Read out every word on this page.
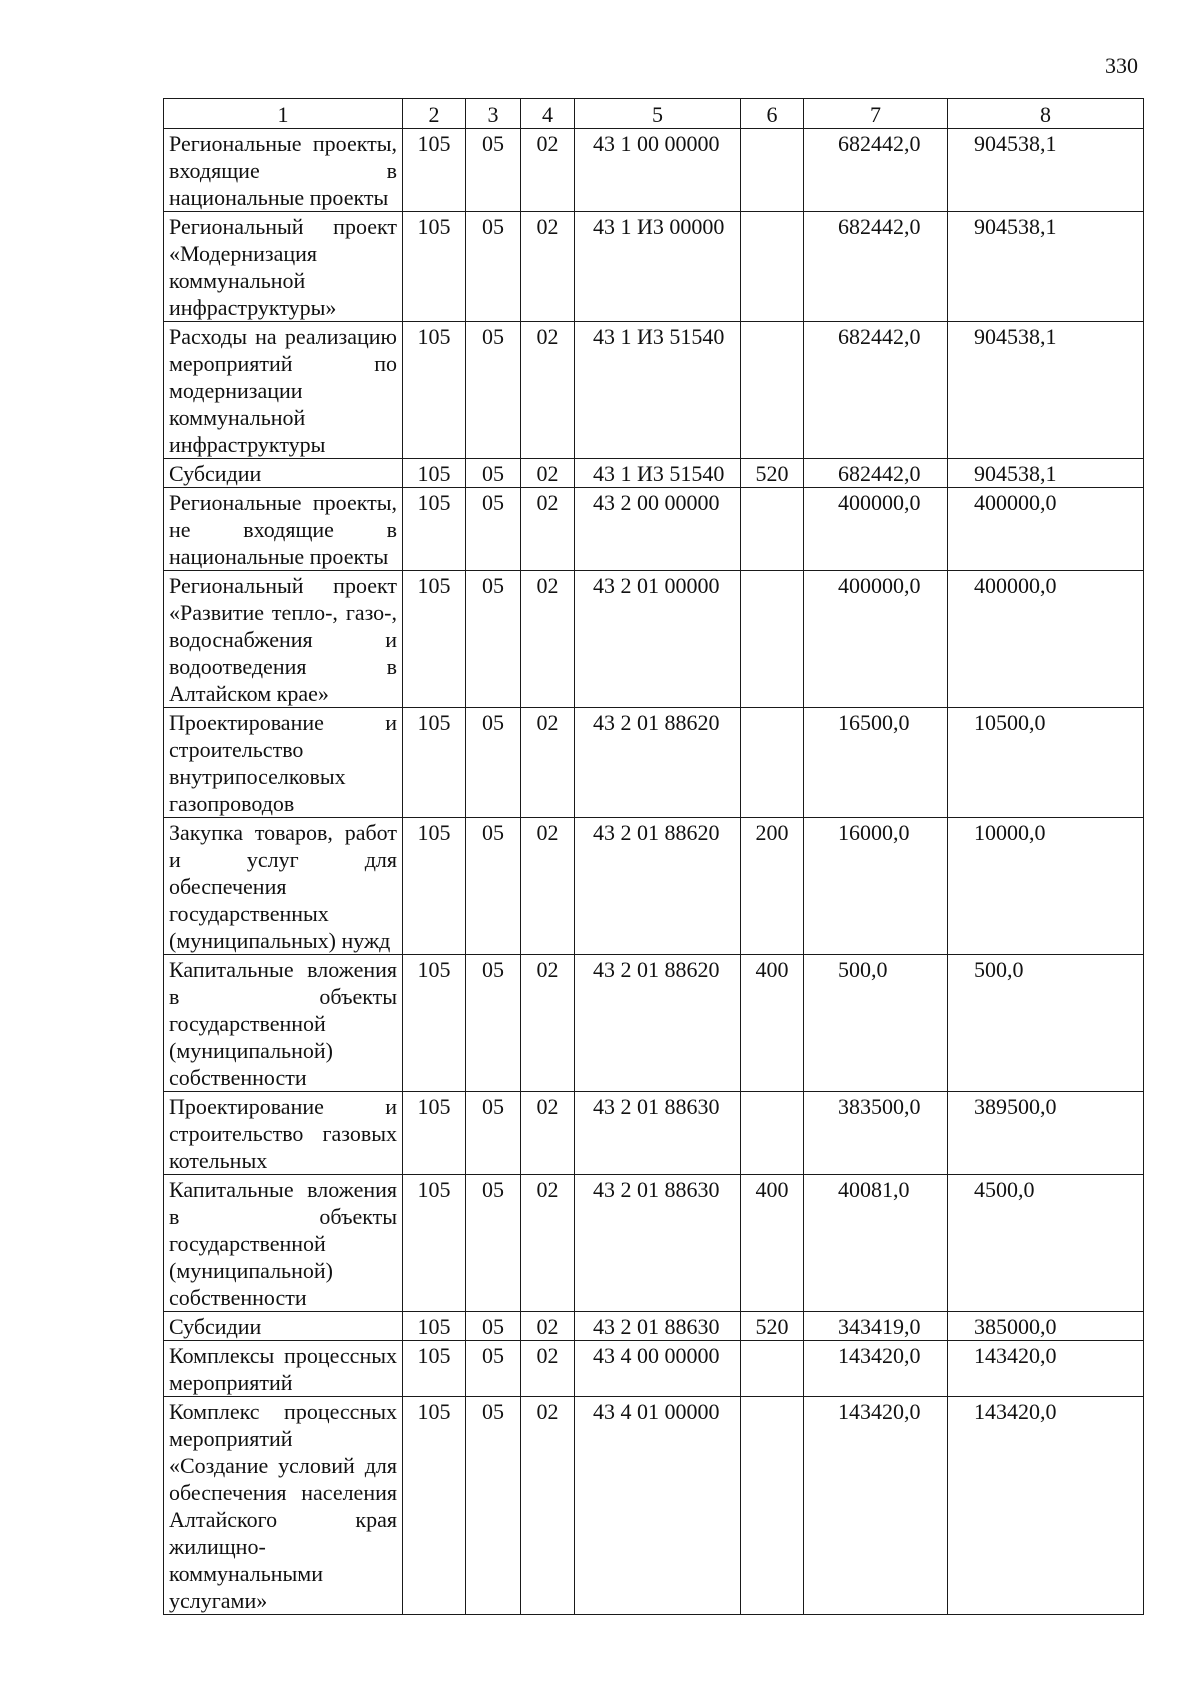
330
1	2	3	4	5	6	7	8
Региональные проекты, входящие в национальные проекты	105	05	02	43 1 00 00000		682442,0	904538,1
Региональный проект «Модернизация коммунальной инфраструктуры»	105	05	02	43 1 И3 00000		682442,0	904538,1
Расходы на реализацию мероприятий по модернизации коммунальной инфраструктуры	105	05	02	43 1 И3 51540		682442,0	904538,1
Субсидии	105	05	02	43 1 И3 51540	520	682442,0	904538,1
Региональные проекты, не входящие в национальные проекты	105	05	02	43 2 00 00000		400000,0	400000,0
Региональный проект «Развитие тепло-, газо-, водоснабжения и водоотведения в Алтайском крае»	105	05	02	43 2 01 00000		400000,0	400000,0
Проектирование и строительство внутрипоселковых газопроводов	105	05	02	43 2 01 88620		16500,0	10500,0
Закупка товаров, работ и услуг для обеспечения государственных (муниципальных) нужд	105	05	02	43 2 01 88620	200	16000,0	10000,0
Капитальные вложения в объекты государственной (муниципальной) собственности	105	05	02	43 2 01 88620	400	500,0	500,0
Проектирование и строительство газовых котельных	105	05	02	43 2 01 88630		383500,0	389500,0
Капитальные вложения в объекты государственной (муниципальной) собственности	105	05	02	43 2 01 88630	400	40081,0	4500,0
Субсидии	105	05	02	43 2 01 88630	520	343419,0	385000,0
Комплексы процессных мероприятий	105	05	02	43 4 00 00000		143420,0	143420,0
Комплекс процессных мероприятий «Создание условий для обеспечения населения Алтайского края жилищно-коммунальными услугами»	105	05	02	43 4 01 00000		143420,0	143420,0
